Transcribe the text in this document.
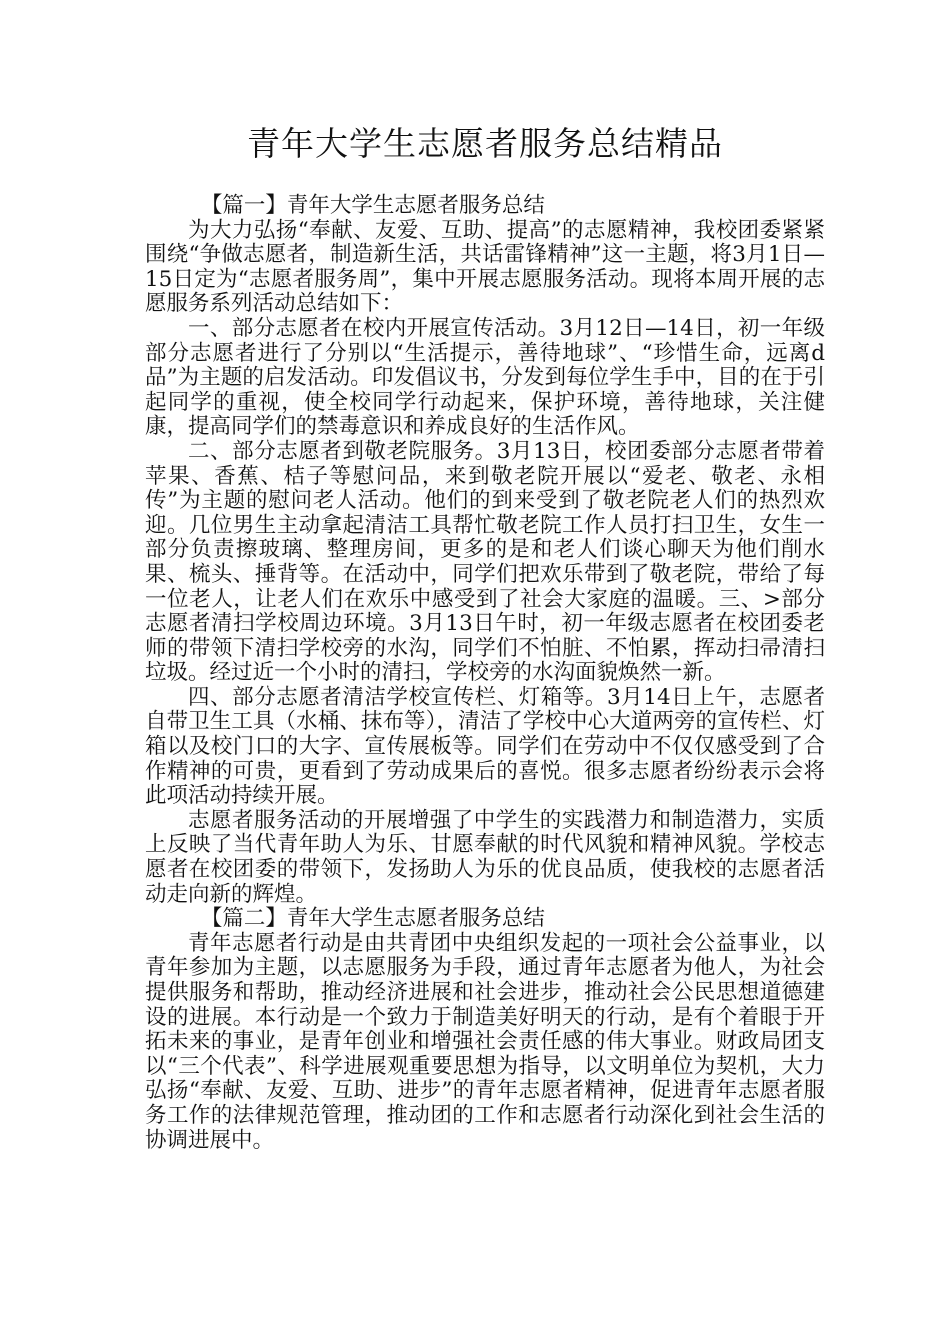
青年大学生志愿者服务总结精品

【篇一】青年大学生志愿者服务总结

为大力弘扬“奉献、友爱、互助、提高”的志愿精神，我校团委紧紧围绕“争做志愿者，制造新生活，共话雷锋精神”这一主题，将3月1日—15日定为“志愿者服务周”，集中开展志愿服务活动。现将本周开展的志愿服务系列活动总结如下：

一、部分志愿者在校内开展宣传活动。3月12日—14日，初一年级部分志愿者进行了分别以“生活提示，善待地球”、“珍惜生命，远离d品”为主题的启发活动。印发倡议书，分发到每位学生手中，目的在于引起同学的重视，使全校同学行动起来，保护环境，善待地球，关注健康，提高同学们的禁毒意识和养成良好的生活作风。

二、部分志愿者到敬老院服务。3月13日，校团委部分志愿者带着苹果、香蕉、桔子等慰问品，来到敬老院开展以“爱老、敬老、永相传”为主题的慰问老人活动。他们的到来受到了敬老院老人们的热烈欢迎。几位男生主动拿起清洁工具帮忙敬老院工作人员打扫卫生，女生一部分负责擦玻璃、整理房间，更多的是和老人们谈心聊天为他们削水果、梳头、捶背等。在活动中，同学们把欢乐带到了敬老院，带给了每一位老人，让老人们在欢乐中感受到了社会大家庭的温暖。三、>部分志愿者清扫学校周边环境。3月13日午时，初一年级志愿者在校团委老师的带领下清扫学校旁的水沟，同学们不怕脏、不怕累，挥动扫帚清扫垃圾。经过近一个小时的清扫，学校旁的水沟面貌焕然一新。

四、部分志愿者清洁学校宣传栏、灯箱等。3月14日上午，志愿者自带卫生工具（水桶、抹布等），清洁了学校中心大道两旁的宣传栏、灯箱以及校门口的大字、宣传展板等。同学们在劳动中不仅仅感受到了合作精神的可贵，更看到了劳动成果后的喜悦。很多志愿者纷纷表示会将此项活动持续开展。

志愿者服务活动的开展增强了中学生的实践潜力和制造潜力，实质上反映了当代青年助人为乐、甘愿奉献的时代风貌和精神风貌。学校志愿者在校团委的带领下，发扬助人为乐的优良品质，使我校的志愿者活动走向新的辉煌。

【篇二】青年大学生志愿者服务总结

青年志愿者行动是由共青团中央组织发起的一项社会公益事业，以青年参加为主题，以志愿服务为手段，通过青年志愿者为他人，为社会提供服务和帮助，推动经济进展和社会进步，推动社会公民思想道德建设的进展。本行动是一个致力于制造美好明天的行动，是有个着眼于开拓未来的事业，是青年创业和增强社会责任感的伟大事业。财政局团支以“三个代表”、科学进展观重要思想为指导，以文明单位为契机，大力弘扬“奉献、友爱、互助、进步”的青年志愿者精神，促进青年志愿者服务工作的法律规范管理，推动团的工作和志愿者行动深化到社会生活的协调进展中。
